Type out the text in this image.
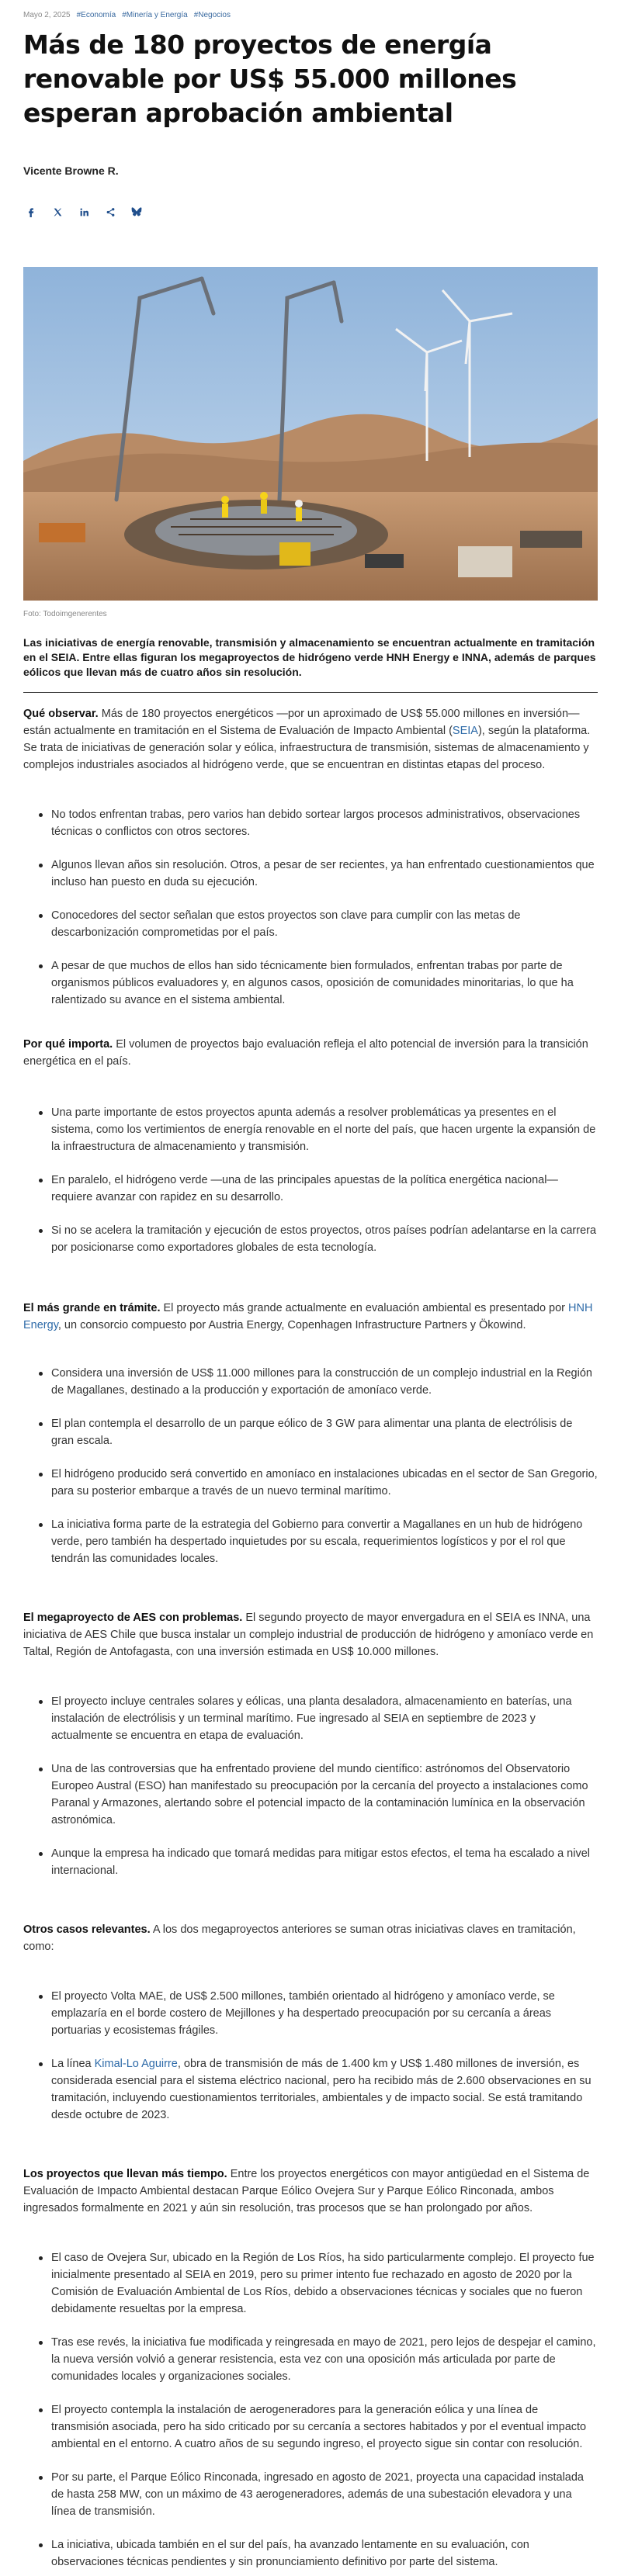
Mayo 2, 2025 #Economía #Minería y Energía #Negocios
Más de 180 proyectos de energía renovable por US$ 55.000 millones esperan aprobación ambiental
Vicente Browne R.
Foto: Todoimgenerentes
Las iniciativas de energía renovable, transmisión y almacenamiento se encuentran actualmente en tramitación en el SEIA. Entre ellas figuran los megaproyectos de hidrógeno verde HNH Energy e INNA, además de parques eólicos que llevan más de cuatro años sin resolución.

Qué observar. Más de 180 proyectos energéticos —por un aproximado de US$ 55.000 millones en inversión— están actualmente en tramitación en el Sistema de Evaluación de Impacto Ambiental (SEIA), según la plataforma. Se trata de iniciativas de generación solar y eólica, infraestructura de transmisión, sistemas de almacenamiento y complejos industriales asociados al hidrógeno verde, que se encuentran en distintas etapas del proceso.

No todos enfrentan trabas, pero varios han debido sortear largos procesos administrativos, observaciones técnicas o conflictos con otros sectores.
Algunos llevan años sin resolución. Otros, a pesar de ser recientes, ya han enfrentado cuestionamientos que incluso han puesto en duda su ejecución.
Conocedores del sector señalan que estos proyectos son clave para cumplir con las metas de descarbonización comprometidas por el país.
A pesar de que muchos de ellos han sido técnicamente bien formulados, enfrentan trabas por parte de organismos públicos evaluadores y, en algunos casos, oposición de comunidades minoritarias, lo que ha ralentizado su avance en el sistema ambiental.

Por qué importa. El volumen de proyectos bajo evaluación refleja el alto potencial de inversión para la transición energética en el país.

Una parte importante de estos proyectos apunta además a resolver problemáticas ya presentes en el sistema, como los vertimientos de energía renovable en el norte del país, que hacen urgente la expansión de la infraestructura de almacenamiento y transmisión.
En paralelo, el hidrógeno verde —una de las principales apuestas de la política energética nacional— requiere avanzar con rapidez en su desarrollo.
Si no se acelera la tramitación y ejecución de estos proyectos, otros países podrían adelantarse en la carrera por posicionarse como exportadores globales de esta tecnología.

El más grande en trámite. El proyecto más grande actualmente en evaluación ambiental es presentado por HNH Energy, un consorcio compuesto por Austria Energy, Copenhagen Infrastructure Partners y Ökowind.

Considera una inversión de US$ 11.000 millones para la construcción de un complejo industrial en la Región de Magallanes, destinado a la producción y exportación de amoníaco verde.
El plan contempla el desarrollo de un parque eólico de 3 GW para alimentar una planta de electrólisis de gran escala.
El hidrógeno producido será convertido en amoníaco en instalaciones ubicadas en el sector de San Gregorio, para su posterior embarque a través de un nuevo terminal marítimo.
La iniciativa forma parte de la estrategia del Gobierno para convertir a Magallanes en un hub de hidrógeno verde, pero también ha despertado inquietudes por su escala, requerimientos logísticos y por el rol que tendrán las comunidades locales.

El megaproyecto de AES con problemas. El segundo proyecto de mayor envergadura en el SEIA es INNA, una iniciativa de AES Chile que busca instalar un complejo industrial de producción de hidrógeno y amoníaco verde en Taltal, Región de Antofagasta, con una inversión estimada en US$ 10.000 millones.

El proyecto incluye centrales solares y eólicas, una planta desaladora, almacenamiento en baterías, una instalación de electrólisis y un terminal marítimo. Fue ingresado al SEIA en septiembre de 2023 y actualmente se encuentra en etapa de evaluación.
Una de las controversias que ha enfrentado proviene del mundo científico: astrónomos del Observatorio Europeo Austral (ESO) han manifestado su preocupación por la cercanía del proyecto a instalaciones como Paranal y Armazones, alertando sobre el potencial impacto de la contaminación lumínica en la observación astronómica.
Aunque la empresa ha indicado que tomará medidas para mitigar estos efectos, el tema ha escalado a nivel internacional.

Otros casos relevantes. A los dos megaproyectos anteriores se suman otras iniciativas claves en tramitación, como:

El proyecto Volta MAE, de US$ 2.500 millones, también orientado al hidrógeno y amoníaco verde, se emplazaría en el borde costero de Mejillones y ha despertado preocupación por su cercanía a áreas portuarias y ecosistemas frágiles.
La línea Kimal-Lo Aguirre, obra de transmisión de más de 1.400 km y US$ 1.480 millones de inversión, es considerada esencial para el sistema eléctrico nacional, pero ha recibido más de 2.600 observaciones en su tramitación, incluyendo cuestionamientos territoriales, ambientales y de impacto social. Se está tramitando desde octubre de 2023.

Los proyectos que llevan más tiempo. Entre los proyectos energéticos con mayor antigüedad en el Sistema de Evaluación de Impacto Ambiental destacan Parque Eólico Ovejera Sur y Parque Eólico Rinconada, ambos ingresados formalmente en 2021 y aún sin resolución, tras procesos que se han prolongado por años.

El caso de Ovejera Sur, ubicado en la Región de Los Ríos, ha sido particularmente complejo. El proyecto fue inicialmente presentado al SEIA en 2019, pero su primer intento fue rechazado en agosto de 2020 por la Comisión de Evaluación Ambiental de Los Ríos, debido a observaciones técnicas y sociales que no fueron debidamente resueltas por la empresa.
Tras ese revés, la iniciativa fue modificada y reingresada en mayo de 2021, pero lejos de despejar el camino, la nueva versión volvió a generar resistencia, esta vez con una oposición más articulada por parte de comunidades locales y organizaciones sociales.
El proyecto contempla la instalación de aerogeneradores para la generación eólica y una línea de transmisión asociada, pero ha sido criticado por su cercanía a sectores habitados y por el eventual impacto ambiental en el entorno. A cuatro años de su segundo ingreso, el proyecto sigue sin contar con resolución.
Por su parte, el Parque Eólico Rinconada, ingresado en agosto de 2021, proyecta una capacidad instalada de hasta 258 MW, con un máximo de 43 aerogeneradores, además de una subestación elevadora y una línea de transmisión.
La iniciativa, ubicada también en el sur del país, ha avanzado lentamente en su evaluación, con observaciones técnicas pendientes y sin pronunciamiento definitivo por parte del sistema.
